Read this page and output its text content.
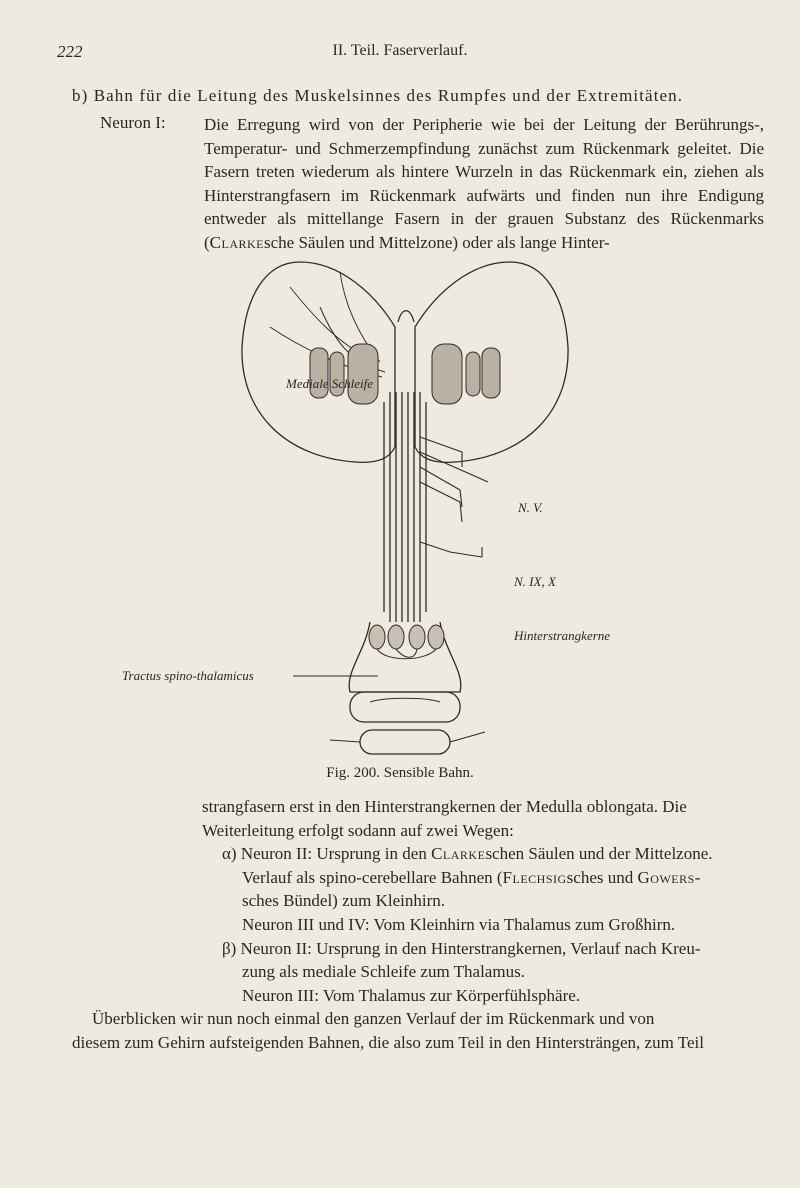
222	II. Teil. Faserverlauf.
b) Bahn für die Leitung des Muskelsinnes des Rumpfes und der Extremitäten.
Neuron I: Die Erregung wird von der Peripherie wie bei der Leitung der Berührungs-, Temperatur- und Schmerzempfindung zunächst zum Rückenmark geleitet. Die Fasern treten wiederum als hintere Wurzeln in das Rückenmark ein, ziehen als Hinterstrangfasern im Rückenmark aufwärts und finden nun ihre Endigung entweder als mittellange Fasern in der grauen Substanz des Rückenmarks (Clarkesche Säulen und Mittelzone) oder als lange Hinter-

Mediale Schleife
N. V.
N. IX, X
Hinterstrangkerne
Tractus spino-thalamicus
Fig. 200. Sensible Bahn.
strangfasern erst in den Hinterstrangkernen der Medulla oblongata. Die
Weiterleitung erfolgt sodann auf zwei Wegen:
α) Neuron II: Ursprung in den Clarkeschen Säulen und der Mittelzone.
Verlauf als spino-cerebellare Bahnen (Flechsigsches und Gowers-
sches Bündel) zum Kleinhirn.
Neuron III und IV: Vom Kleinhirn via Thalamus zum Großhirn.
β) Neuron II: Ursprung in den Hinterstrangkernen, Verlauf nach Kreu-
zung als mediale Schleife zum Thalamus.
Neuron III: Vom Thalamus zur Körperfühlsphäre.
Überblicken wir nun noch einmal den ganzen Verlauf der im Rückenmark und von
diesem zum Gehirn aufsteigenden Bahnen, die also zum Teil in den Hintersträngen, zum Teil
